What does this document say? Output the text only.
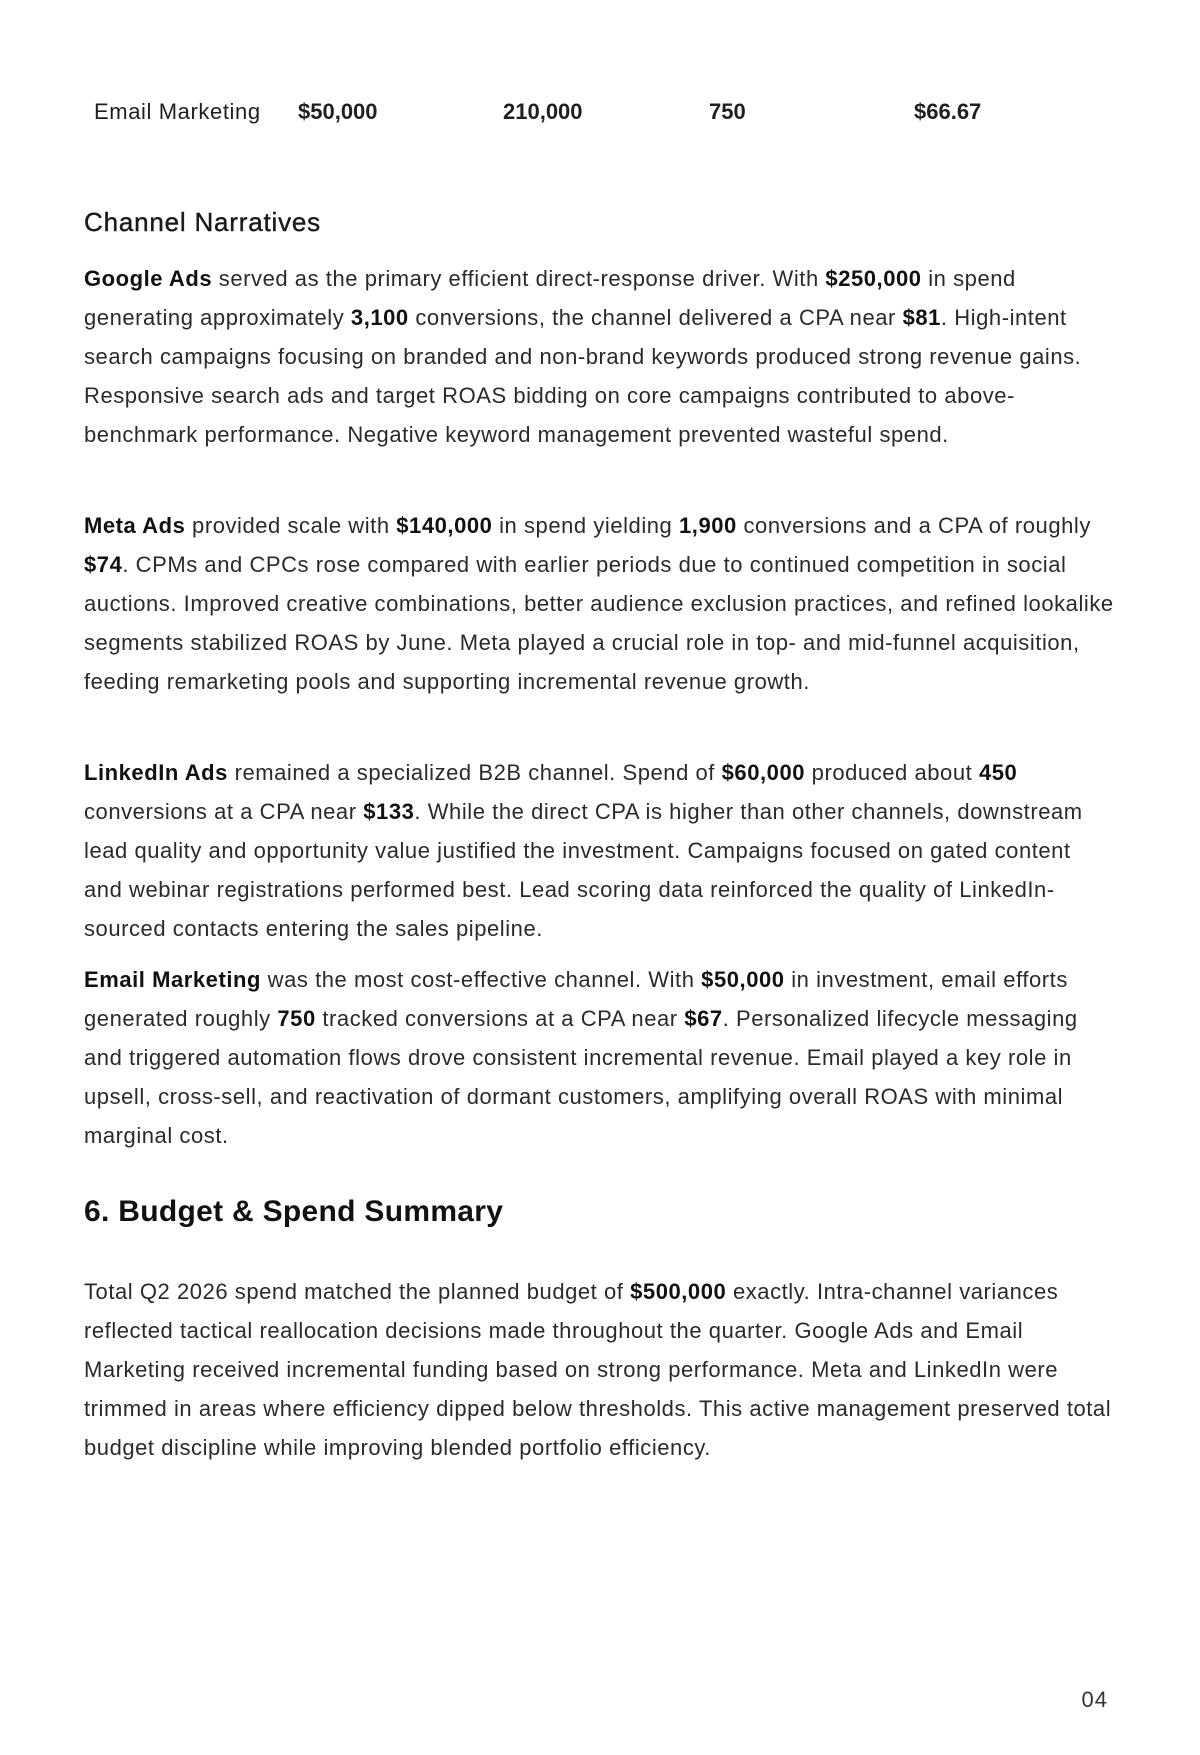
Email Marketing $50,000	210,000	750	$66.67
Channel Narratives

Google Ads served as the primary efficient direct-response driver. With $250,000 in spend generating approximately 3,100 conversions, the channel delivered a CPA near $81. High-intent search campaigns focusing on branded and non-brand keywords produced strong revenue gains. Responsive search ads and target ROAS bidding on core campaigns contributed to above-benchmark performance. Negative keyword management prevented wasteful spend.

Meta Ads provided scale with $140,000 in spend yielding 1,900 conversions and a CPA of roughly $74. CPMs and CPCs rose compared with earlier periods due to continued competition in social auctions. Improved creative combinations, better audience exclusion practices, and refined lookalike segments stabilized ROAS by June. Meta played a crucial role in top- and mid-funnel acquisition, feeding remarketing pools and supporting incremental revenue growth.

LinkedIn Ads remained a specialized B2B channel. Spend of $60,000 produced about 450 conversions at a CPA near $133. While the direct CPA is higher than other channels, downstream lead quality and opportunity value justified the investment. Campaigns focused on gated content and webinar registrations performed best. Lead scoring data reinforced the quality of LinkedIn-sourced contacts entering the sales pipeline.

Email Marketing was the most cost-effective channel. With $50,000 in investment, email efforts generated roughly 750 tracked conversions at a CPA near $67. Personalized lifecycle messaging and triggered automation flows drove consistent incremental revenue. Email played a key role in upsell, cross-sell, and reactivation of dormant customers, amplifying overall ROAS with minimal marginal cost.

6. Budget & Spend Summary

Total Q2 2026 spend matched the planned budget of $500,000 exactly. Intra-channel variances reflected tactical reallocation decisions made throughout the quarter. Google Ads and Email Marketing received incremental funding based on strong performance. Meta and LinkedIn were trimmed in areas where efficiency dipped below thresholds. This active management preserved total budget discipline while improving blended portfolio efficiency.

04
